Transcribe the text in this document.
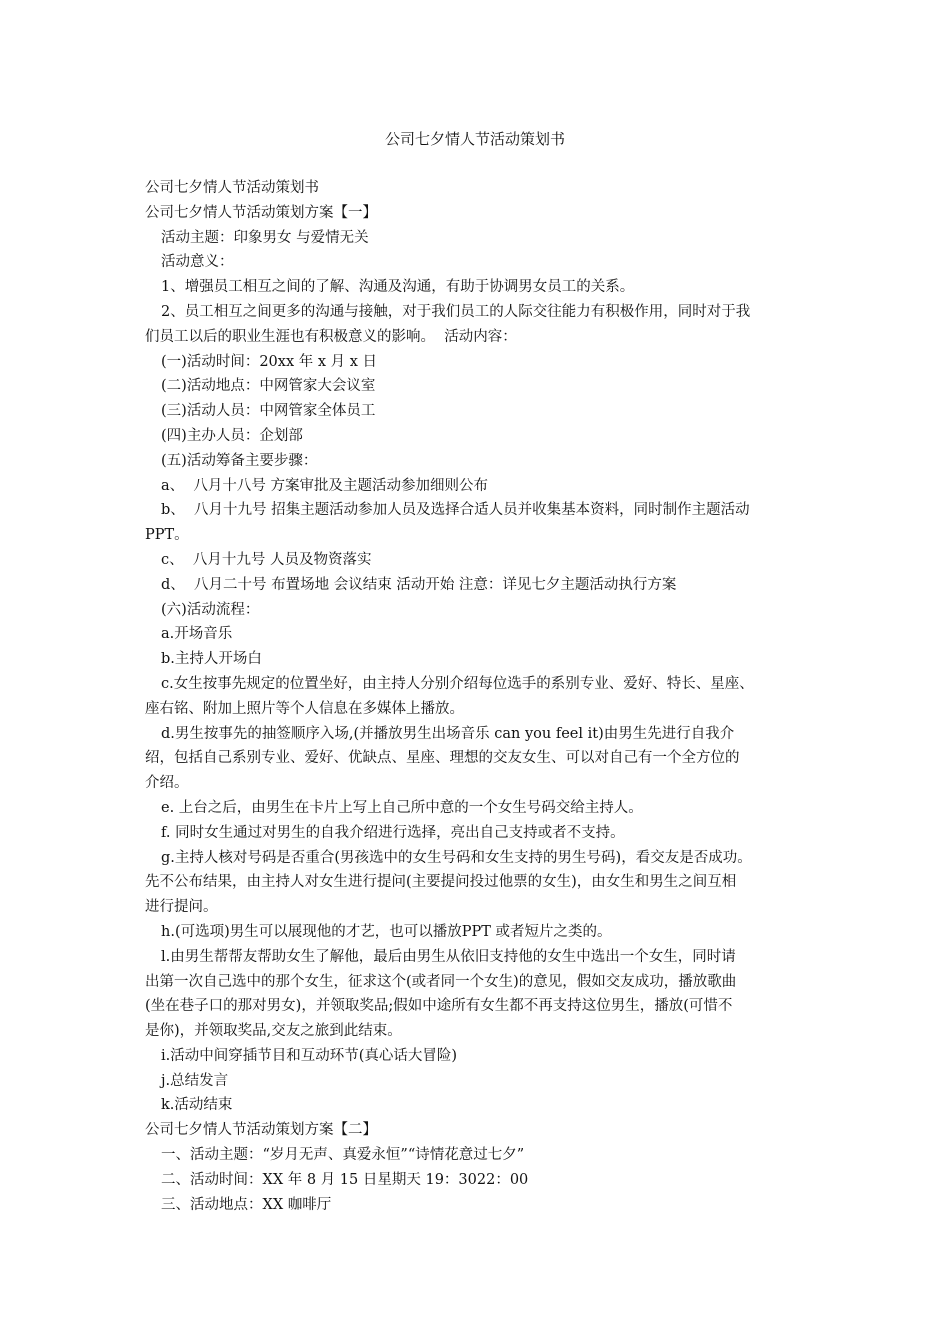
公司七夕情人节活动策划书
公司七夕情人节活动策划书
公司七夕情人节活动策划方案【一】
活动主题：印象男女 与爱情无关
活动意义：
1、增强员工相互之间的了解、沟通及沟通，有助于协调男女员工的关系。
2、员工相互之间更多的沟通与接触，对于我们员工的人际交往能力有积极作用，同时对于我
们员工以后的职业生涯也有积极意义的影响。  活动内容：
(一)活动时间：20xx 年 x 月 x 日
(二)活动地点：中网管家大会议室
(三)活动人员：中网管家全体员工
(四)主办人员：企划部
(五)活动筹备主要步骤：
a、  八月十八号 方案审批及主题活动参加细则公布
b、  八月十九号 招集主题活动参加人员及选择合适人员并收集基本资料，同时制作主题活动
PPT。
c、  八月十九号 人员及物资落实
d、  八月二十号 布置场地 会议结束 活动开始 注意：详见七夕主题活动执行方案
(六)活动流程：
a.开场音乐
b.主持人开场白
c.女生按事先规定的位置坐好，由主持人分别介绍每位选手的系别专业、爱好、特长、星座、
座右铭、附加上照片等个人信息在多媒体上播放。
d.男生按事先的抽签顺序入场,(并播放男生出场音乐 can you feel it)由男生先进行自我介
绍，包括自己系别专业、爱好、优缺点、星座、理想的交友女生、可以对自己有一个全方位的
介绍。
e. 上台之后，由男生在卡片上写上自己所中意的一个女生号码交给主持人。
f. 同时女生通过对男生的自我介绍进行选择，亮出自己支持或者不支持。
g.主持人核对号码是否重合(男孩选中的女生号码和女生支持的男生号码)，看交友是否成功。
先不公布结果，由主持人对女生进行提问(主要提问投过他票的女生)，由女生和男生之间互相
进行提问。
h.(可选项)男生可以展现他的才艺，也可以播放PPT 或者短片之类的。
l.由男生帮帮友帮助女生了解他，最后由男生从依旧支持他的女生中选出一个女生，同时请
出第一次自己选中的那个女生，征求这个(或者同一个女生)的意见，假如交友成功，播放歌曲
(坐在巷子口的那对男女)，并领取奖品;假如中途所有女生都不再支持这位男生，播放(可惜不
是你)，并领取奖品,交友之旅到此结束。
i.活动中间穿插节目和互动环节(真心话大冒险)
j.总结发言
k.活动结束
公司七夕情人节活动策划方案【二】
一、活动主题：“岁月无声、真爱永恒”“诗情花意过七夕”
二、活动时间：XX 年 8 月 15 日星期天 19：3022：00
三、活动地点：XX 咖啡厅
